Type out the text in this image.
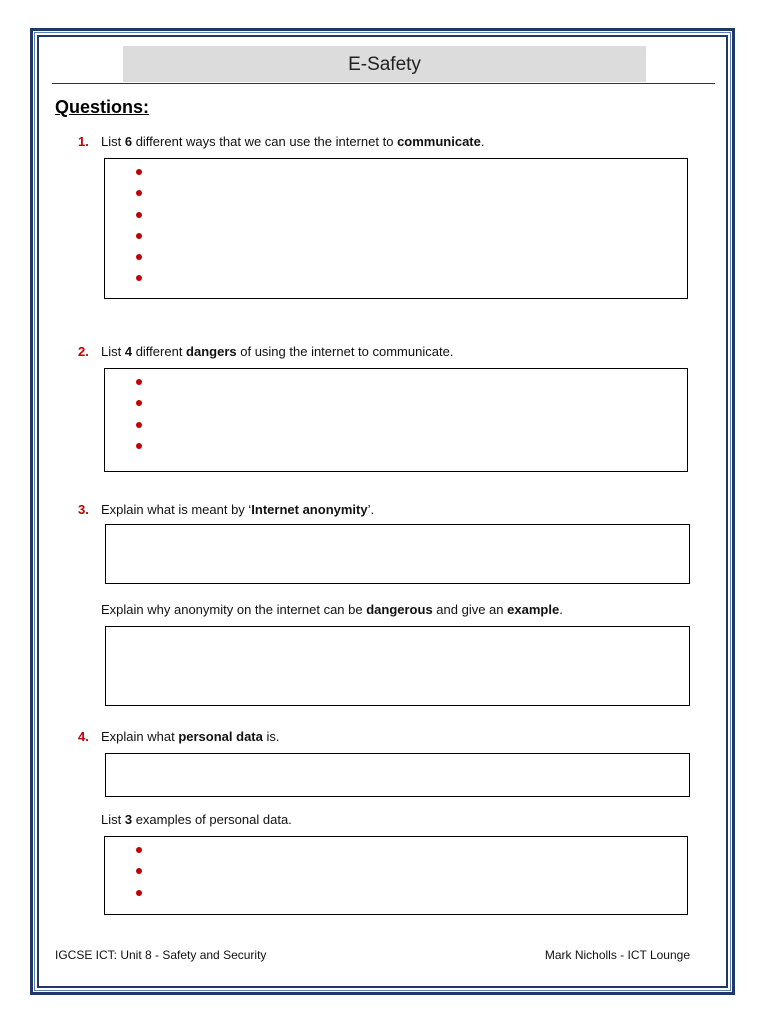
E-Safety
Questions:
1. List 6 different ways that we can use the internet to communicate.
2. List 4 different dangers of using the internet to communicate.
3. Explain what is meant by ‘Internet anonymity’.
Explain why anonymity on the internet can be dangerous and give an example.
4. Explain what personal data is.
List 3 examples of personal data.
IGCSE ICT: Unit 8 - Safety and Security	Mark Nicholls - ICT Lounge
